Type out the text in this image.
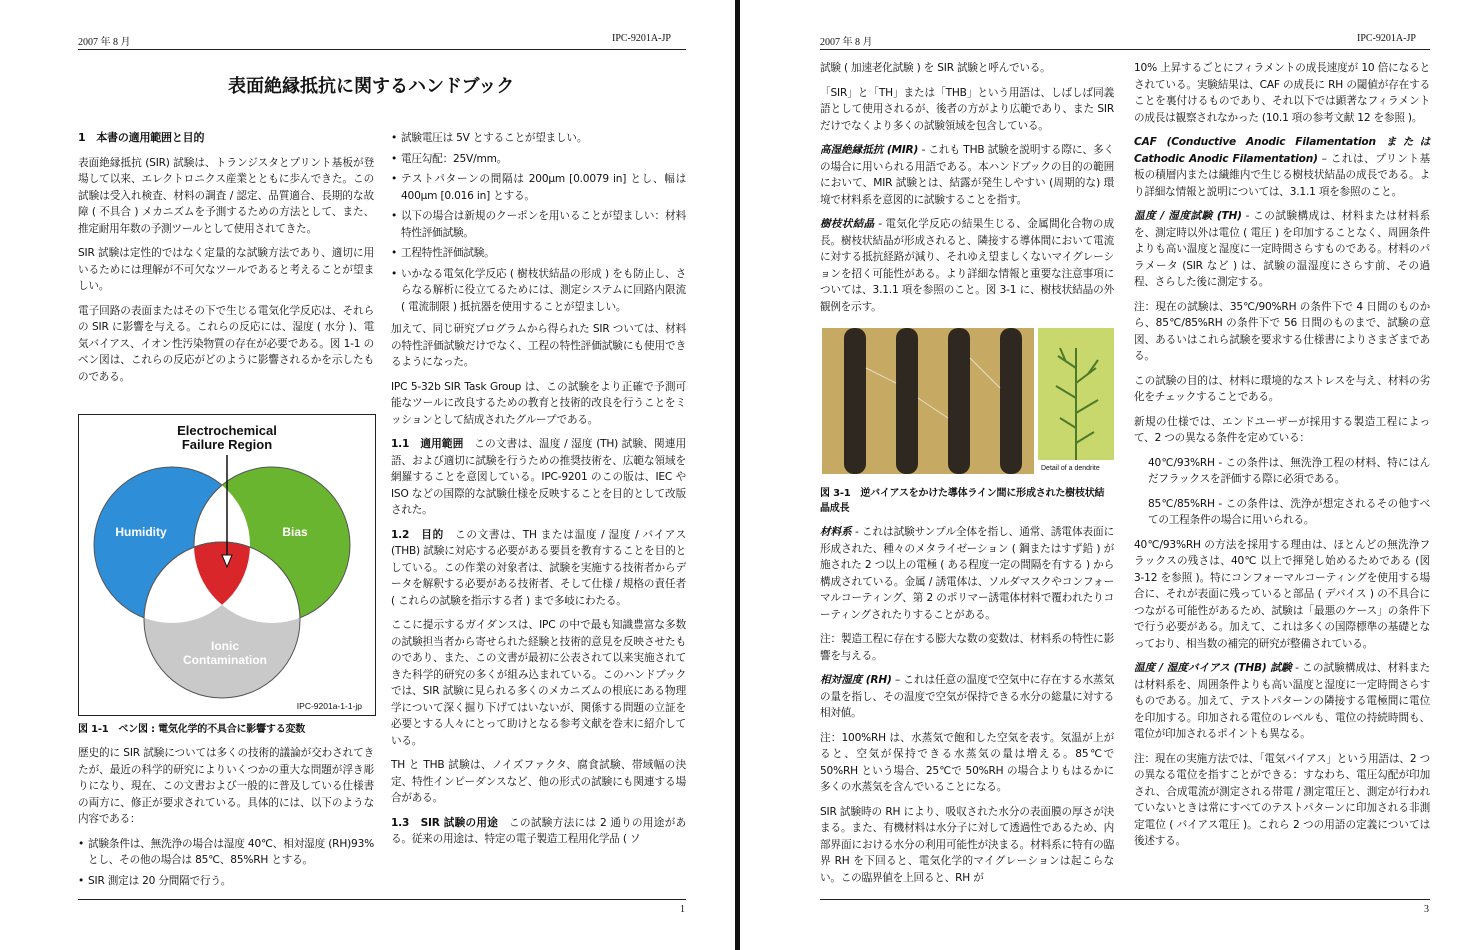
2007 年 8 月	IPC-9201A-JP
表面絶縁抵抗に関するハンドブック
1　本書の適用範囲と目的

表面絶縁抵抗 (SIR) 試験は、トランジスタとプリント基板が登場して以来、エレクトロニクス産業とともに歩んできた。この試験は受入れ検査、材料の調査 / 認定、品質適合、長期的な故障 ( 不具合 ) メカニズムを予測するための方法として、また、推定耐用年数の予測ツールとして使用されてきた。

SIR 試験は定性的ではなく定量的な試験方法であり、適切に用いるためには理解が不可欠なツールであると考えることが望ましい。

電子回路の表面またはその下で生じる電気化学反応は、それらの SIR に影響を与える。これらの反応には、湿度 ( 水分 )、電気バイアス、イオン性汚染物質の存在が必要である。図 1-1 のベン図は、これらの反応がどのように影響されるかを示したものである。

Electrochemical
Failure Region
Humidity	Bias
Ionic
Contamination
IPC-9201a-1-1-jp
図 1-1　ベン図 : 電気化学的不具合に影響する変数

歴史的に SIR 試験については多くの技術的議論が交わされてきたが、最近の科学的研究によりいくつかの重大な問題が浮き彫りになり、現在、この文書および一般的に普及している仕様書の両方に、修正が要求されている。具体的には、以下のような内容である：

• 試験条件は、無洗浄の場合は湿度 40℃、相対湿度 (RH)93% とし、その他の場合は 85℃、85%RH とする。
• SIR 測定は 20 分間隔で行う。
• 試験電圧は 5V とすることが望ましい。
• 電圧勾配：25V/mm。
• テストパターンの間隔は 200μm [0.0079 in] とし、幅は 400μm [0.016 in] とする。
• 以下の場合は新規のクーポンを用いることが望ましい：材料特性評価試験。
• 工程特性評価試験。
• いかなる電気化学反応 ( 樹枝状結晶の形成 ) をも防止し、さらなる解析に役立てるためには、測定システムに回路内限流 ( 電流制限 ) 抵抗器を使用することが望ましい。

加えて、同じ研究プログラムから得られた SIR ついては、材料の特性評価試験だけでなく、工程の特性評価試験にも使用できるようになった。

IPC 5-32b SIR Task Group は、この試験をより正確で予測可能なツールに改良するための教育と技術的改良を行うことをミッションとして結成されたグループである。

1.1　適用範囲　 この文書は、温度 / 湿度 (TH) 試験、関連用語、および適切に試験を行うための推奨技術を、広範な領域を網羅することを意図している。IPC-9201 のこの版は、IEC や ISO などの国際的な試験仕様を反映することを目的として改版された。

1.2　目的　 この文書は、TH または温度 / 湿度 / バイアス (THB) 試験に対応する必要がある要員を教育することを目的としている。この作業の対象者は、試験を実施する技術者からデータを解釈する必要がある技術者、そして仕様 / 規格の責任者 ( これらの試験を指示する者 ) まで多岐にわたる。

ここに提示するガイダンスは、IPC の中で最も知識豊富な多数の試験担当者から寄せられた経験と技術的意見を反映させたものであり、また、この文書が最初に公表されて以来実施されてきた科学的研究の多くが組み込まれている。このハンドブックでは、SIR 試験に見られる多くのメカニズムの根底にある物理学について深く掘り下げてはいないが、関係する問題の立証を必要とする人々にとって助けとなる参考文献を巻末に紹介している。

TH と THB 試験は、ノイズファクタ、腐食試験、帯域幅の決定、特性インピーダンスなど、他の形式の試験にも関連する場合がある。

1.3　SIR 試験の用途　 この試験方法には 2 通りの用途がある。従来の用途は、特定の電子製造工程用化学品 ( ソ

1
2007 年 8 月	IPC-9201A-JP

試験 ( 加速老化試験 ) を SIR 試験と呼んでいる。

「SIR」と「TH」または「THB」という用語は、しばしば同義語として使用されるが、後者の方がより広範であり、また SIR だけでなくより多くの試験領域を包含している。

高湿絶縁抵抗 (MIR) - これも THB 試験を説明する際に、多くの場合に用いられる用語である。本ハンドブックの目的の範囲において、MIR 試験とは、結露が発生しやすい (周期的な) 環境で材料系を意図的に試験することを指す。

樹枝状結晶 - 電気化学反応の結果生じる、金属間化合物の成長。樹枝状結晶が形成されると、隣接する導体間において電流に対する抵抗経路が減り、それゆえ望ましくないマイグレーションを招く可能性がある。より詳細な情報と重要な注意事項については、3.1.1 項を参照のこと。図 3-1 に、樹枝状結晶の外観例を示す。

Detail of a dendrite
図 3-1　逆バイアスをかけた導体ライン間に形成された樹枝状結晶成長

材料系 - これは試験サンプル全体を指し、通常、誘電体表面に形成された、種々のメタライゼーション ( 鋼またはすず鉛 ) が施された 2 つ以上の電極 ( ある程度一定の間隔を有する ) から構成されている。金属 / 誘電体は、ソルダマスクやコンフォーマルコーティング、第 2 のポリマー誘電体材料で覆われたりコーティングされたりすることがある。

注：製造工程に存在する膨大な数の変数は、材料系の特性に影響を与える。

相対湿度 (RH) – これは任意の温度で空気中に存在する水蒸気の量を指し、その温度で空気が保持できる水分の総量に対する相対値。

注：100%RH は、水蒸気で飽和した空気を表す。気温が上がると、空気が保持できる水蒸気の量は増える。85℃で 50%RH という場合、25℃で 50%RH の場合よりもはるかに多くの水蒸気を含んでいることになる。

SIR 試験時の RH により、吸収された水分の表面膜の厚さが決まる。また、有機材料は水分子に対して透過性であるため、内部界面における水分の利用可能性が決まる。材料系に特有の臨界 RH を下回ると、電気化学的マイグレーションは起こらない。この臨界値を上回ると、RH が

10% 上昇するごとにフィラメントの成長速度が 10 倍になるとされている。実験結果は、CAF の成長に RH の閾値が存在することを裏付けるものであり、それ以下では顕著なフィラメントの成長は観察されなかった (10.1 項の参考文献 12 を参照 )。

CAF (Conductive Anodic Filamentation または Cathodic Anodic Filamentation) – これは、プリント基板の積層内または繊維内で生じる樹枝状結晶の成長である。より詳細な情報と説明については、3.1.1 項を参照のこと。

温度 / 湿度試験 (TH) - この試験構成は、材料または材料系を、測定時以外は電位 ( 電圧 ) を印加することなく、周囲条件よりも高い温度と湿度に一定時間さらすものである。材料のパラメータ (SIR など ) は、試験の温湿度にさらす前、その過程、さらした後に測定する。

注：現在の試験は、35℃/90%RH の条件下で 4 日間のものから、85℃/85%RH の条件下で 56 日間のものまで、試験の意図、あるいはこれら試験を要求する仕様書によりさまざまである。

この試験の目的は、材料に環境的なストレスを与え、材料の劣化をチェックすることである。

新規の仕様では、エンドユーザーが採用する製造工程によって、2 つの異なる条件を定めている：

40℃/93%RH - この条件は、無洗浄工程の材料、特にはんだフラックスを評価する際に必須である。

85℃/85%RH - この条件は、洗浄が想定されるその他すべての工程条件の場合に用いられる。

40℃/93%RH の方法を採用する理由は、ほとんどの無洗浄フラックスの残さは、40℃ 以上で揮発し始めるためである (図 3-12 を参照 )。特にコンフォーマルコーティングを使用する場合に、それが表面に残っていると部品 ( デバイス ) の不具合につながる可能性があるため、試験は「最悪のケース」の条件下で行う必要がある。加えて、これは多くの国際標準の基礎となっており、相当数の補完的研究が整備されている。

温度 / 湿度バイアス (THB) 試験 - この試験構成は、材料または材料系を、周囲条件よりも高い温度と湿度に一定時間さらすものである。加えて、テストパターンの隣接する電極間に電位を印加する。印加される電位のレベルも、電位の持続時間も、電位が印加されるポイントも異なる。

注：現在の実施方法では、「電気バイアス」という用語は、2 つの異なる電位を指すことができる：すなわち、電圧勾配が印加され、合成電流が測定される帯電 / 測定電圧と、測定が行われていないときは常にすべてのテストパターンに印加される非測定電位 ( バイアス電圧 )。これら 2 つの用語の定義については後述する。

3
